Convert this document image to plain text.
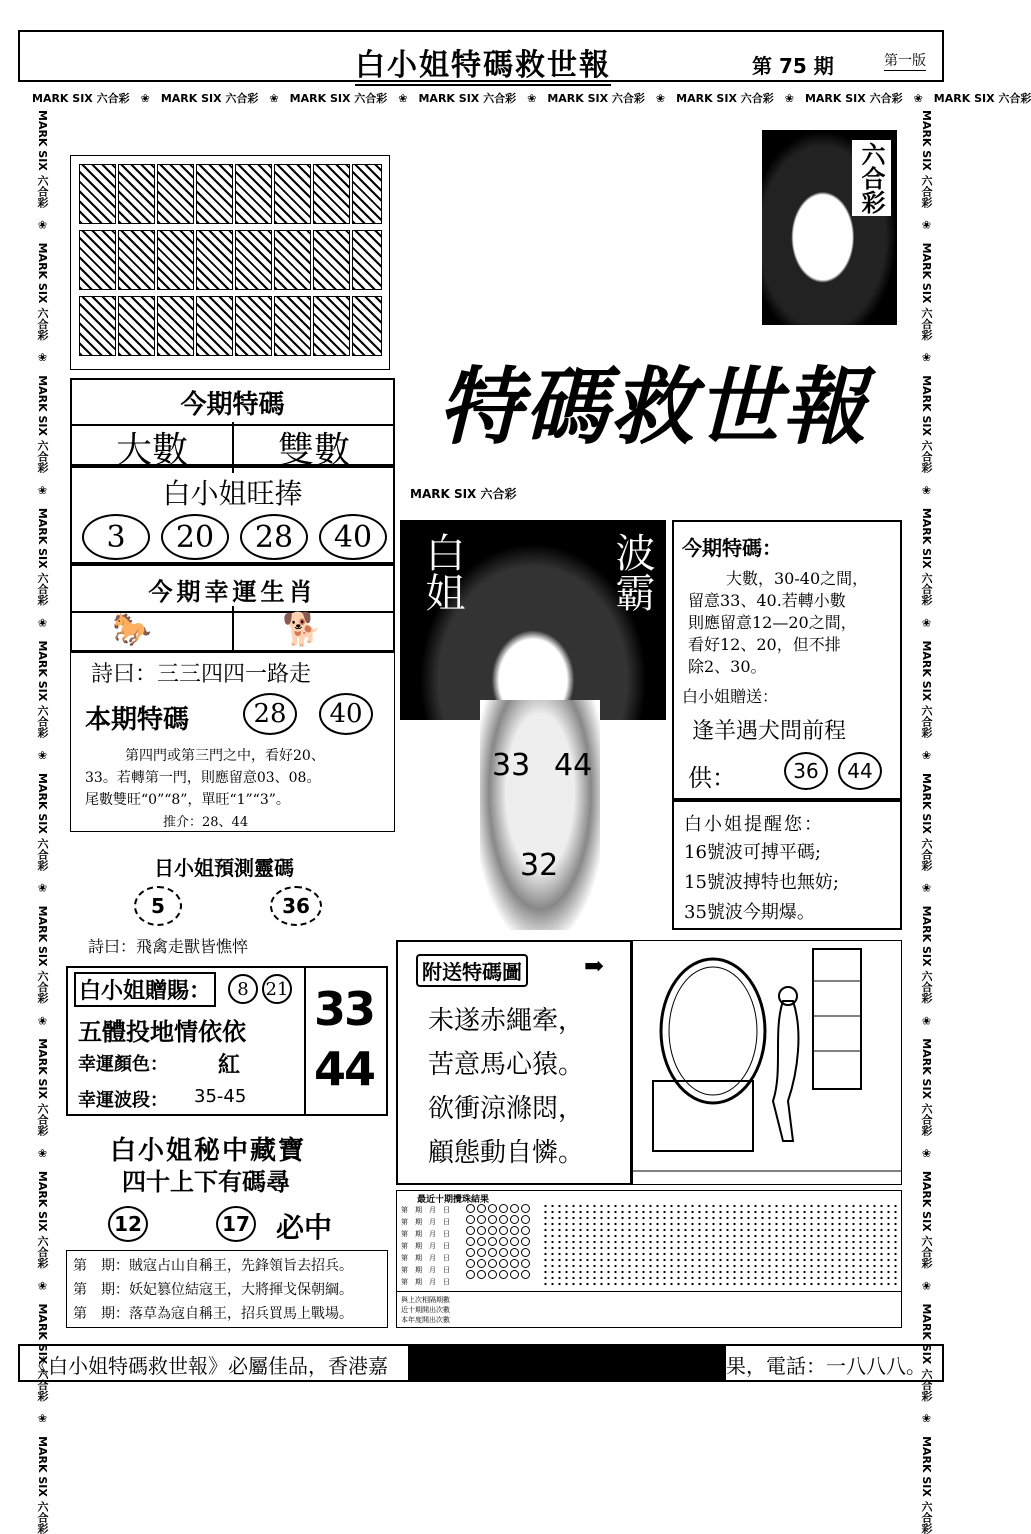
白小姐特碼救世報	第 75 期	第一版
MARK SIX 六合彩　❀　MARK SIX 六合彩　❀　MARK SIX 六合彩　❀　MARK SIX 六合彩　❀　MARK SIX 六合彩　❀　MARK SIX 六合彩　❀　MARK SIX 六合彩　❀　MARK SIX 六合彩
MARK SIX 六合彩　❀　MARK SIX 六合彩　❀　MARK SIX 六合彩　❀　MARK SIX 六合彩　❀　MARK SIX 六合彩　❀　MARK SIX 六合彩　❀　MARK SIX 六合彩　❀　MARK SIX 六合彩　❀　MARK SIX 六合彩　❀　MARK SIX 六合彩　❀　MARK SIX 六合彩
MARK SIX 六合彩　❀　MARK SIX 六合彩　❀　MARK SIX 六合彩　❀　MARK SIX 六合彩　❀　MARK SIX 六合彩　❀　MARK SIX 六合彩　❀　MARK SIX 六合彩　❀　MARK SIX 六合彩　❀　MARK SIX 六合彩　❀　MARK SIX 六合彩　❀　MARK SIX 六合彩
六合彩
特碼救世報
MARK SIX 六合彩
今期特碼
大數	雙數
白小姐旺捧
3	20	28	40
今期幸運生肖
🐎	🐕
詩曰：三三四四一路走
本期特碼	28	40
第四門或第三門之中，看好20、
33。若轉第一門，則應留意03、08。
尾數雙旺“0”“8”，單旺“1”“3”。
推介：28、44
日小姐預測靈碼
5	36
詩曰：飛禽走獸皆憔悴
白小姐贈賜：	8 21
五體投地情依依
幸運顏色： 紅
幸運波段： 35-45
33
44
白小姐秘中藏寶
四十上下有碼尋
12	17 必中
第　期：賊寇占山自稱王，先鋒領旨去招兵。
第　期：妖妃篡位結寇王，大將揮戈保朝綱。
第　期：落草為寇自稱王，招兵買馬上戰場。
白姐	波霸
33 44
32
今期特碼：
大數，30-40之間，
留意33、40.若轉小數
則應留意12—20之間，
看好12、20，但不排
除2、30。
白小姐贈送：
逢羊遇犬問前程
供：	36	44
白小姐提醒您：
16號波可搏平碼;
15號波搏特也無妨;
35號波今期爆。
附送特碼圖	➡
未遂赤繩牽，
苦意馬心猿。
欲衝涼滌悶，
顧態動自憐。
最近十期攪珠結果
第　期　月　日
第　期　月　日
第　期　月　日
第　期　月　日
第　期　月　日
第　期　月　日
第　期　月　日

與上次相隔期數
近十期開出次數
本年度開出次數
《白小姐特碼救世報》必屬佳品，香港嘉	果，電話：一八八八。
